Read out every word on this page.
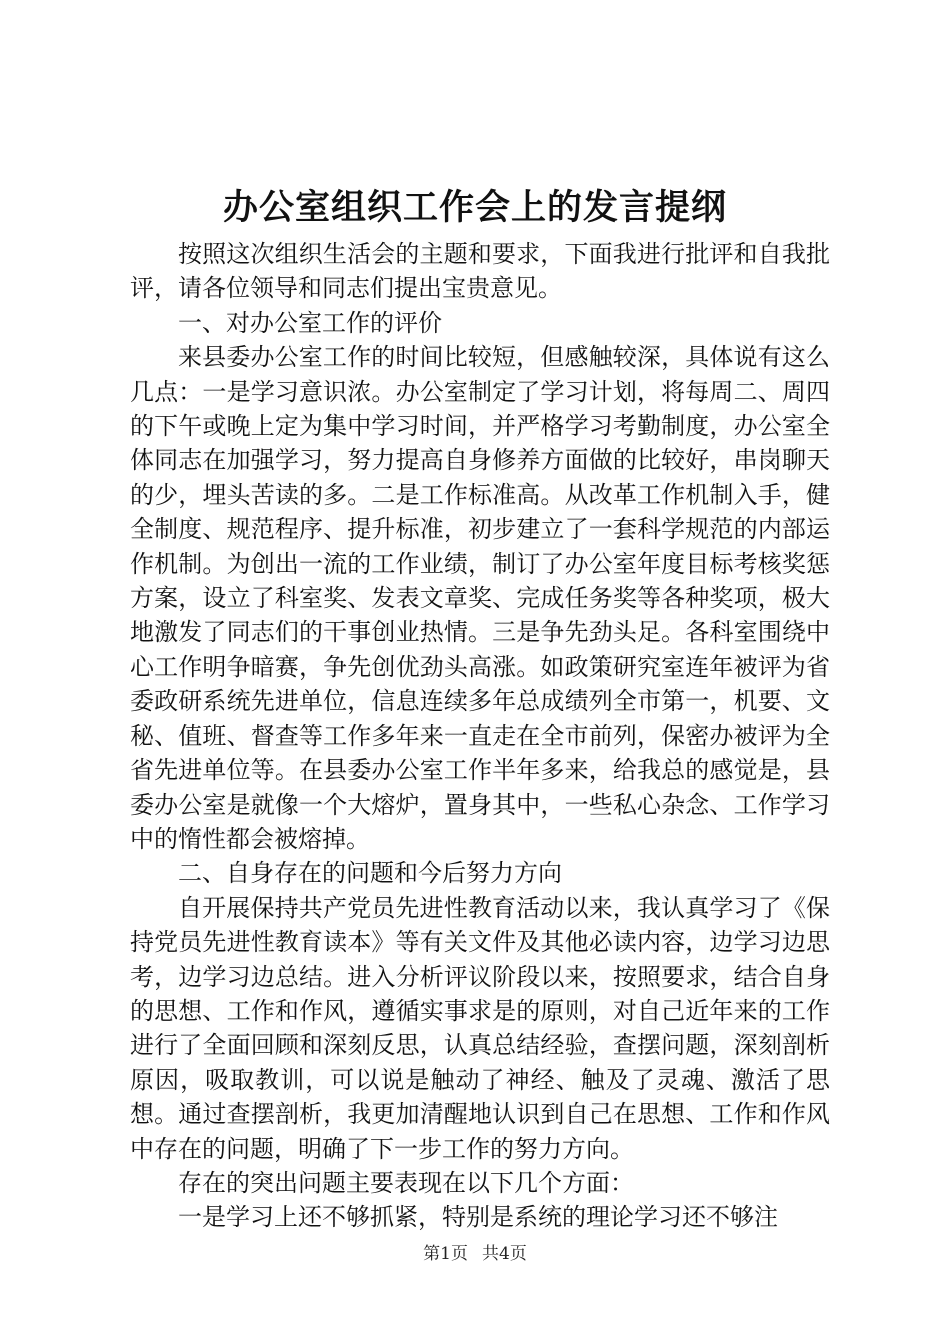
办公室组织工作会上的发言提纲

按照这次组织生活会的主题和要求，下面我进行批评和自我批评，请各位领导和同志们提出宝贵意见。

一、对办公室工作的评价

来县委办公室工作的时间比较短，但感触较深，具体说有这么几点：一是学习意识浓。办公室制定了学习计划，将每周二、周四的下午或晚上定为集中学习时间，并严格学习考勤制度，办公室全体同志在加强学习，努力提高自身修养方面做的比较好，串岗聊天的少，埋头苦读的多。二是工作标准高。从改革工作机制入手，健全制度、规范程序、提升标准，初步建立了一套科学规范的内部运作机制。为创出一流的工作业绩，制订了办公室年度目标考核奖惩方案，设立了科室奖、发表文章奖、完成任务奖等各种奖项，极大地激发了同志们的干事创业热情。三是争先劲头足。各科室围绕中心工作明争暗赛，争先创优劲头高涨。如政策研究室连年被评为省委政研系统先进单位，信息连续多年总成绩列全市第一，机要、文秘、值班、督查等工作多年来一直走在全市前列，保密办被评为全省先进单位等。在县委办公室工作半年多来，给我总的感觉是，县委办公室是就像一个大熔炉，置身其中，一些私心杂念、工作学习中的惰性都会被熔掉。

二、自身存在的问题和今后努力方向

自开展保持共产党员先进性教育活动以来，我认真学习了《保持党员先进性教育读本》等有关文件及其他必读内容，边学习边思考，边学习边总结。进入分析评议阶段以来，按照要求，结合自身的思想、工作和作风，遵循实事求是的原则，对自己近年来的工作进行了全面回顾和深刻反思，认真总结经验，查摆问题，深刻剖析原因，吸取教训，可以说是触动了神经、触及了灵魂、激活了思想。通过查摆剖析，我更加清醒地认识到自己在思想、工作和作风中存在的问题，明确了下一步工作的努力方向。

存在的突出问题主要表现在以下几个方面：

一是学习上还不够抓紧，特别是系统的理论学习还不够注

第1页 共4页
